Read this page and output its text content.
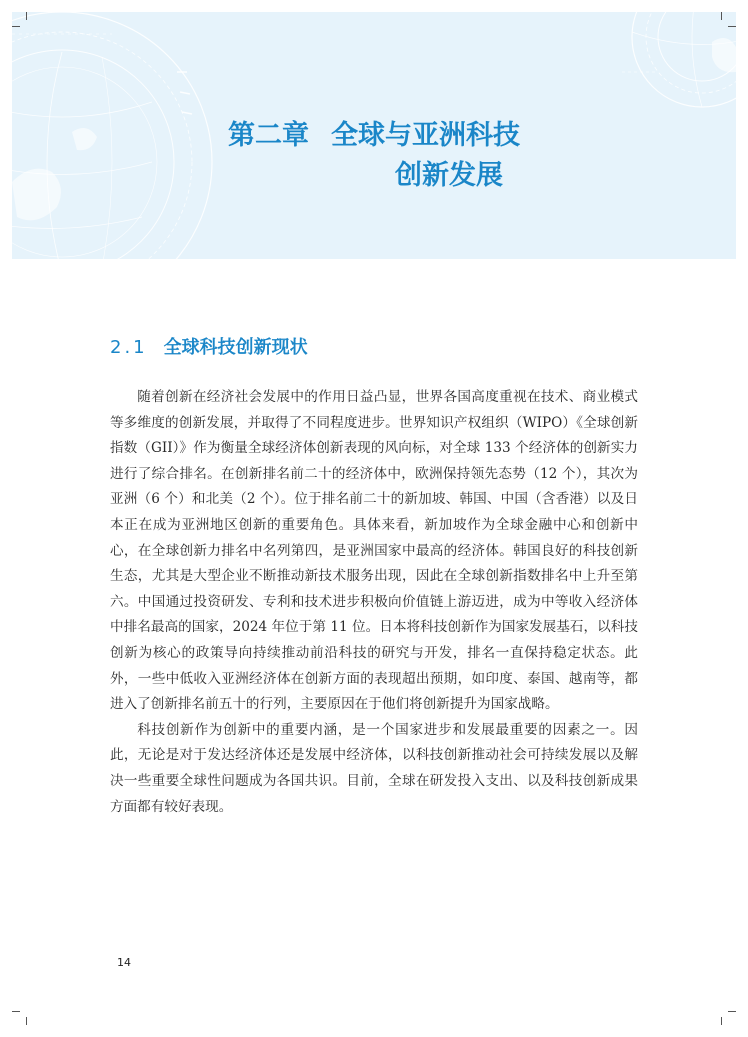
第二章 全球与亚洲科技
创新发展
2.1 全球科技创新现状

随着创新在经济社会发展中的作用日益凸显，世界各国高度重视在技术、商业模式等多维度的创新发展，并取得了不同程度进步。世界知识产权组织（WIPO）《全球创新指数（GII）》作为衡量全球经济体创新表现的风向标，对全球 133 个经济体的创新实力进行了综合排名。在创新排名前二十的经济体中，欧洲保持领先态势（12 个），其次为亚洲（6 个）和北美（2 个）。位于排名前二十的新加坡、韩国、中国（含香港）以及日本正在成为亚洲地区创新的重要角色。具体来看，新加坡作为全球金融中心和创新中心，在全球创新力排名中名列第四，是亚洲国家中最高的经济体。韩国良好的科技创新生态，尤其是大型企业不断推动新技术服务出现，因此在全球创新指数排名中上升至第六。中国通过投资研发、专利和技术进步积极向价值链上游迈进，成为中等收入经济体中排名最高的国家，2024 年位于第 11 位。日本将科技创新作为国家发展基石，以科技创新为核心的政策导向持续推动前沿科技的研究与开发，排名一直保持稳定状态。此外，一些中低收入亚洲经济体在创新方面的表现超出预期，如印度、泰国、越南等，都进入了创新排名前五十的行列，主要原因在于他们将创新提升为国家战略。

科技创新作为创新中的重要内涵，是一个国家进步和发展最重要的因素之一。因此，无论是对于发达经济体还是发展中经济体，以科技创新推动社会可持续发展以及解决一些重要全球性问题成为各国共识。目前，全球在研发投入支出、以及科技创新成果方面都有较好表现。

14
